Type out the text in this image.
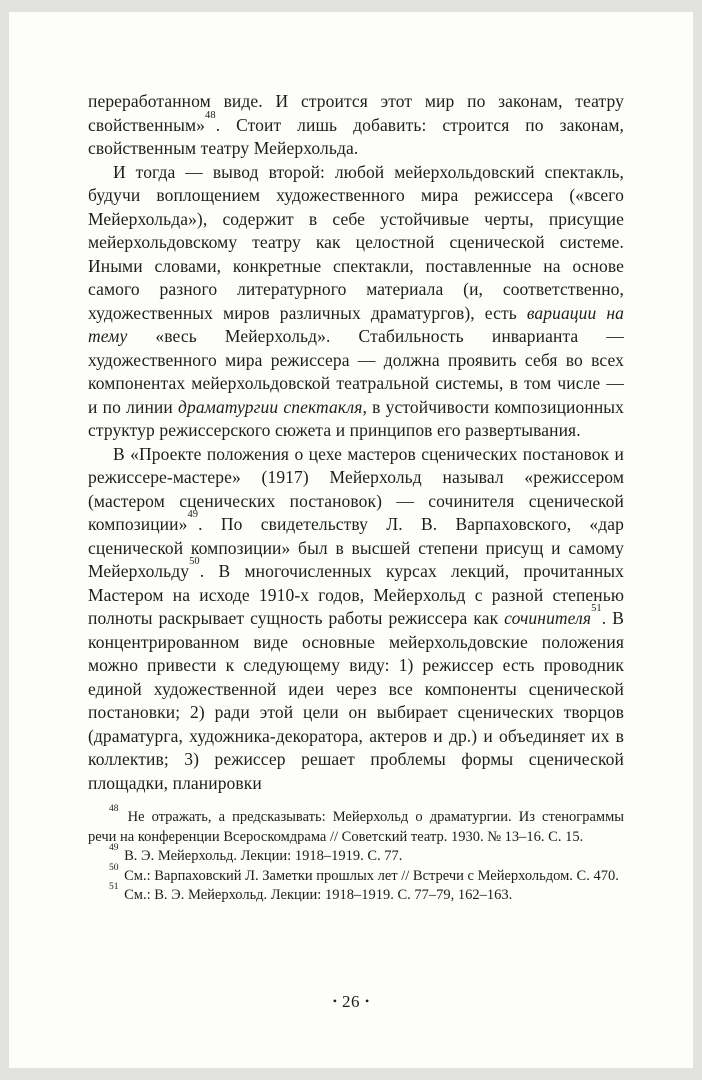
переработанном виде. И строится этот мир по законам, театру свойственным»$^{48}$. Стоит лишь добавить: строится по законам, свойственным театру Мейерхольда.

И тогда — вывод второй: любой мейерхольдовский спектакль, будучи воплощением художественного мира режиссера («всего Мейерхольда»), содержит в себе устойчивые черты, присущие мейерхольдовскому театру как целостной сценической системе. Иными словами, конкретные спектакли, поставленные на основе самого разного литературного материала (и, соответственно, художественных миров различных драматургов), есть вариации на тему «весь Мейерхольд». Стабильность инварианта — художественного мира режиссера — должна проявить себя во всех компонентах мейерхольдовской театральной системы, в том числе — и по линии драматургии спектакля, в устойчивости композиционных структур режиссерского сюжета и принципов его развертывания.

В «Проекте положения о цехе мастеров сценических постановок и режиссере-мастере» (1917) Мейерхольд называл «режиссером (мастером сценических постановок) — сочинителя сценической композиции»$^{49}$. По свидетельству Л. В. Варпаховского, «дар сценической композиции» был в высшей степени присущ и самому Мейерхольду$^{50}$. В многочисленных курсах лекций, прочитанных Мастером на исходе 1910-х годов, Мейерхольд с разной степенью полноты раскрывает сущность работы режиссера как сочинителя$^{51}$. В концентрированном виде основные мейерхольдовские положения можно привести к следующему виду: 1) режиссер есть проводник единой художественной идеи через все компоненты сценической постановки; 2) ради этой цели он выбирает сценических творцов (драматурга, художника-декоратора, актеров и др.) и объединяет их в коллектив; 3) режиссер решает проблемы формы сценической площадки, планировки

$^{48}$ Не отражать, а предсказывать: Мейерхольд о драматургии. Из стенограммы речи на конференции Всероскомдрама // Советский театр. 1930. № 13–16. С. 15.

$^{49}$ В. Э. Мейерхольд. Лекции: 1918–1919. С. 77.

$^{50}$ См.: Варпаховский Л. Заметки прошлых лет // Встречи с Мейерхольдом. С. 470.

$^{51}$ См.: В. Э. Мейерхольд. Лекции: 1918–1919. С. 77–79, 162–163.

• 26 •
